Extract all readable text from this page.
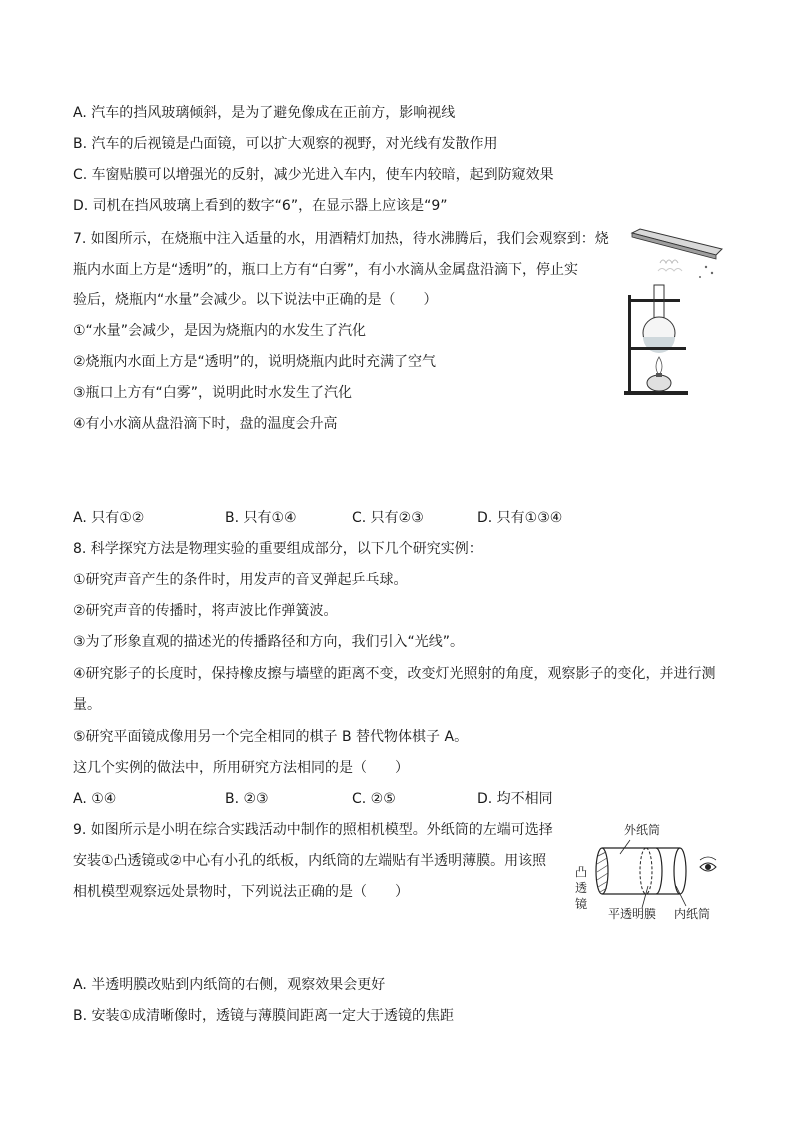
A. 汽车的挡风玻璃倾斜，是为了避免像成在正前方，影响视线
B. 汽车的后视镜是凸面镜，可以扩大观察的视野，对光线有发散作用
C. 车窗贴膜可以增强光的反射，减少光进入车内，使车内较暗，起到防窥效果
D. 司机在挡风玻璃上看到的数字“6”，在显示器上应该是“9”
7. 如图所示，在烧瓶中注入适量的水，用酒精灯加热，待水沸腾后，我们会观察到：烧
瓶内水面上方是“透明”的，瓶口上方有“白雾”，有小水滴从金属盘沿滴下，停止实
验后，烧瓶内“水量”会减少。以下说法中正确的是（　　）
①“水量”会减少，是因为烧瓶内的水发生了汽化
②烧瓶内水面上方是“透明”的，说明烧瓶内此时充满了空气
③瓶口上方有“白雾”，说明此时水发生了汽化
④有小水滴从盘沿滴下时，盘的温度会升高
A. 只有①②	B. 只有①④	C. 只有②③	D. 只有①③④
8. 科学探究方法是物理实验的重要组成部分，以下几个研究实例：
①研究声音产生的条件时，用发声的音叉弹起乒乓球。
②研究声音的传播时，将声波比作弹簧波。
③为了形象直观的描述光的传播路径和方向，我们引入“光线”。
④研究影子的长度时，保持橡皮擦与墙壁的距离不变，改变灯光照射的角度，观察影子的变化，并进行测
量。
⑤研究平面镜成像用另一个完全相同的棋子 B 替代物体棋子 A。
这几个实例的做法中，所用研究方法相同的是（　　）
A. ①④	B. ②③	C. ②⑤	D. 均不相同
9. 如图所示是小明在综合实践活动中制作的照相机模型。外纸筒的左端可选择
安装①凸透镜或②中心有小孔的纸板，内纸筒的左端贴有半透明薄膜。用该照
相机模型观察远处景物时，下列说法正确的是（　　）
外纸筒
凸透镜
平透明膜 内纸筒
A. 半透明膜改贴到内纸筒的右侧，观察效果会更好
B. 安装①成清晰像时，透镜与薄膜间距离一定大于透镜的焦距
